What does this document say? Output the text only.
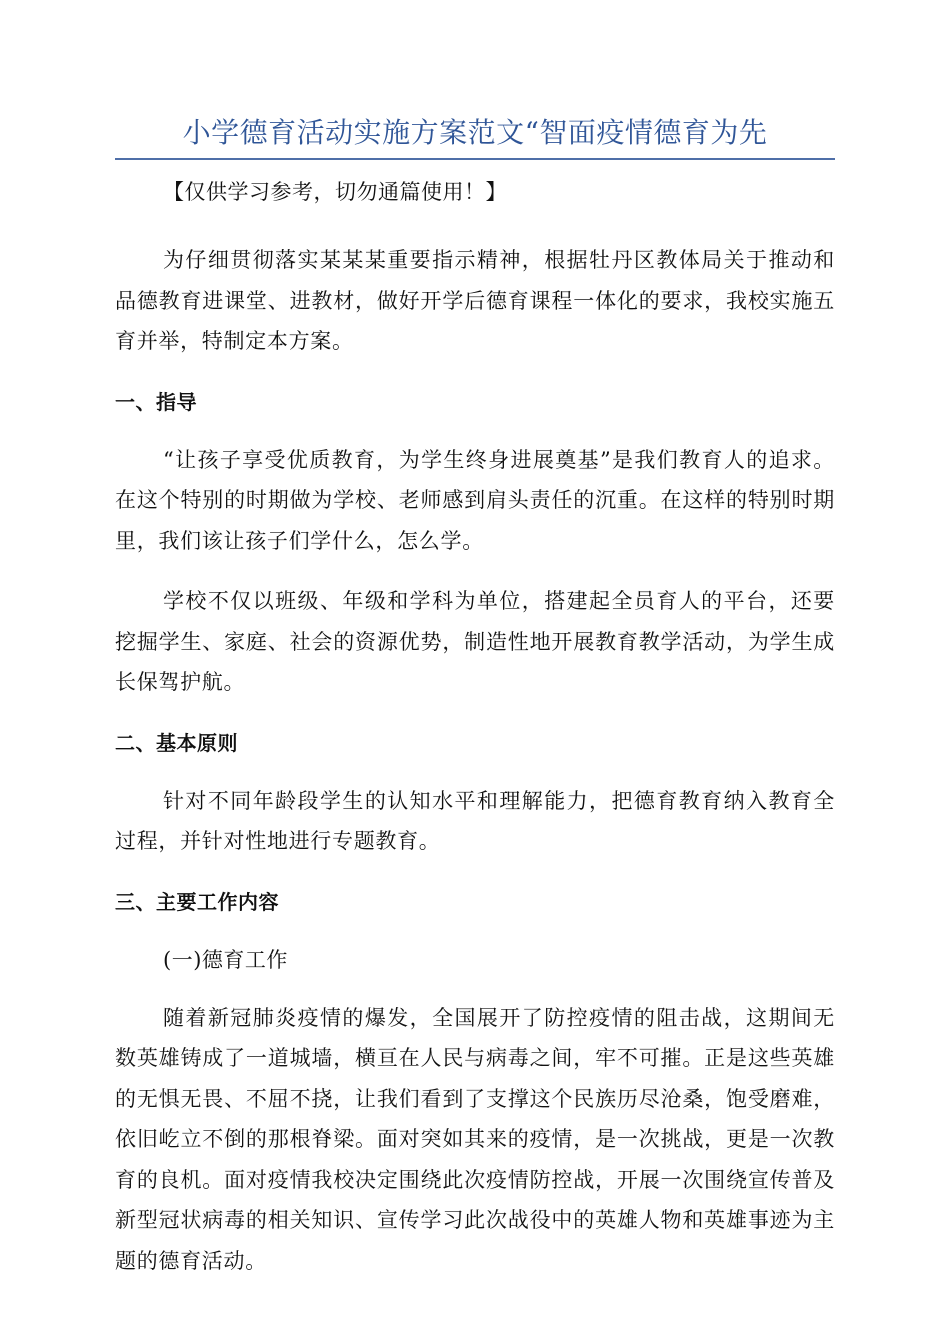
小学德育活动实施方案范文“智面疫情德育为先

【仅供学习参考，切勿通篇使用！】

为仔细贯彻落实某某某重要指示精神，根据牡丹区教体局关于推动和品德教育进课堂、进教材，做好开学后德育课程一体化的要求，我校实施五育并举，特制定本方案。

一、指导

“让孩子享受优质教育，为学生终身进展奠基”是我们教育人的追求。在这个特别的时期做为学校、老师感到肩头责任的沉重。在这样的特别时期里，我们该让孩子们学什么，怎么学。

学校不仅以班级、年级和学科为单位，搭建起全员育人的平台，还要挖掘学生、家庭、社会的资源优势，制造性地开展教育教学活动，为学生成长保驾护航。

二、基本原则

针对不同年龄段学生的认知水平和理解能力，把德育教育纳入教育全过程，并针对性地进行专题教育。

三、主要工作内容

(一)德育工作

随着新冠肺炎疫情的爆发，全国展开了防控疫情的阻击战，这期间无数英雄铸成了一道城墙，横亘在人民与病毒之间，牢不可摧。正是这些英雄的无惧无畏、不屈不挠，让我们看到了支撑这个民族历尽沧桑，饱受磨难，依旧屹立不倒的那根脊梁。面对突如其来的疫情，是一次挑战，更是一次教育的良机。面对疫情我校决定围绕此次疫情防控战，开展一次围绕宣传普及新型冠状病毒的相关知识、宣传学习此次战役中的英雄人物和英雄事迹为主题的德育活动。
